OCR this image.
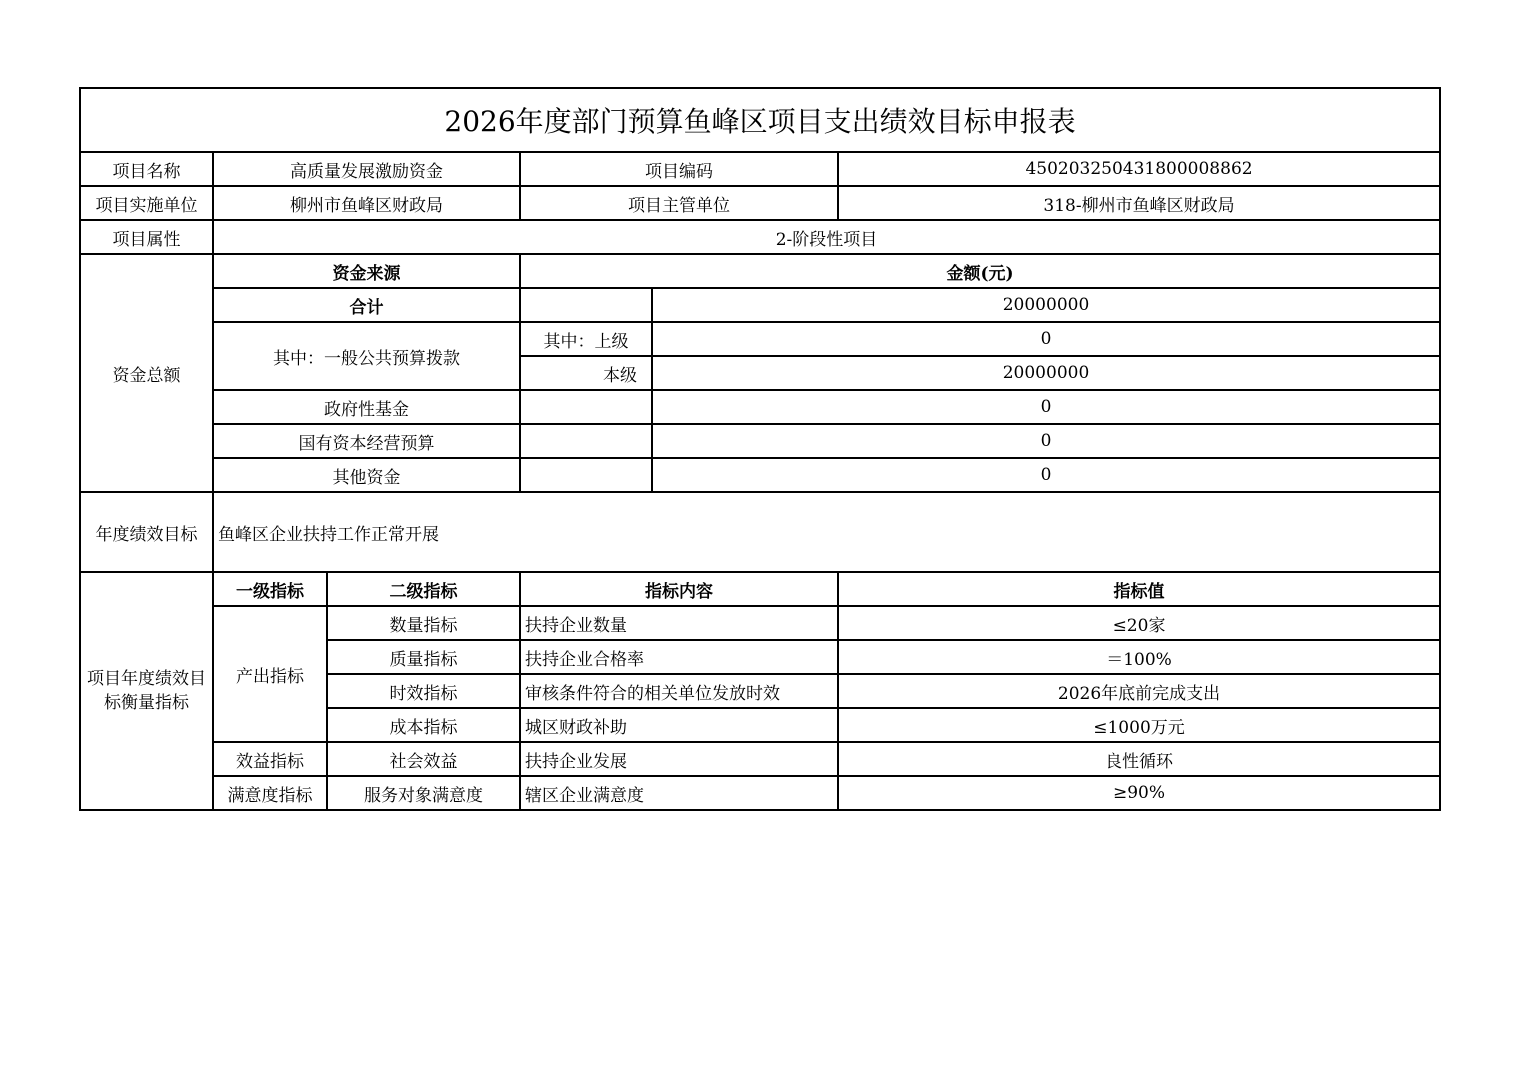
2026年度部门预算鱼峰区项目支出绩效目标申报表					
项目名称	高质量发展激励资金		项目编码		450203250431800008862
项目实施单位	柳州市鱼峰区财政局		项目主管单位		318-柳州市鱼峰区财政局
项目属性	2-阶段性项目				
资金总额	资金来源		金额(元)		
	合计			20000000	
	其中：一般公共预算拨款		其中：上级	0	
			本级	20000000	
	政府性基金			0	
	国有资本经营预算			0	
	其他资金			0	
年度绩效目标	鱼峰区企业扶持工作正常开展				
项目年度绩效目标衡量指标	一级指标	二级指标	指标内容		指标值
	产出指标	数量指标	扶持企业数量		≤20家
		质量指标	扶持企业合格率		＝100%
		时效指标	审核条件符合的相关单位发放时效		2026年底前完成支出
		成本指标	城区财政补助		≤1000万元
	效益指标	社会效益	扶持企业发展		良性循环
	满意度指标	服务对象满意度	辖区企业满意度		≥90%
